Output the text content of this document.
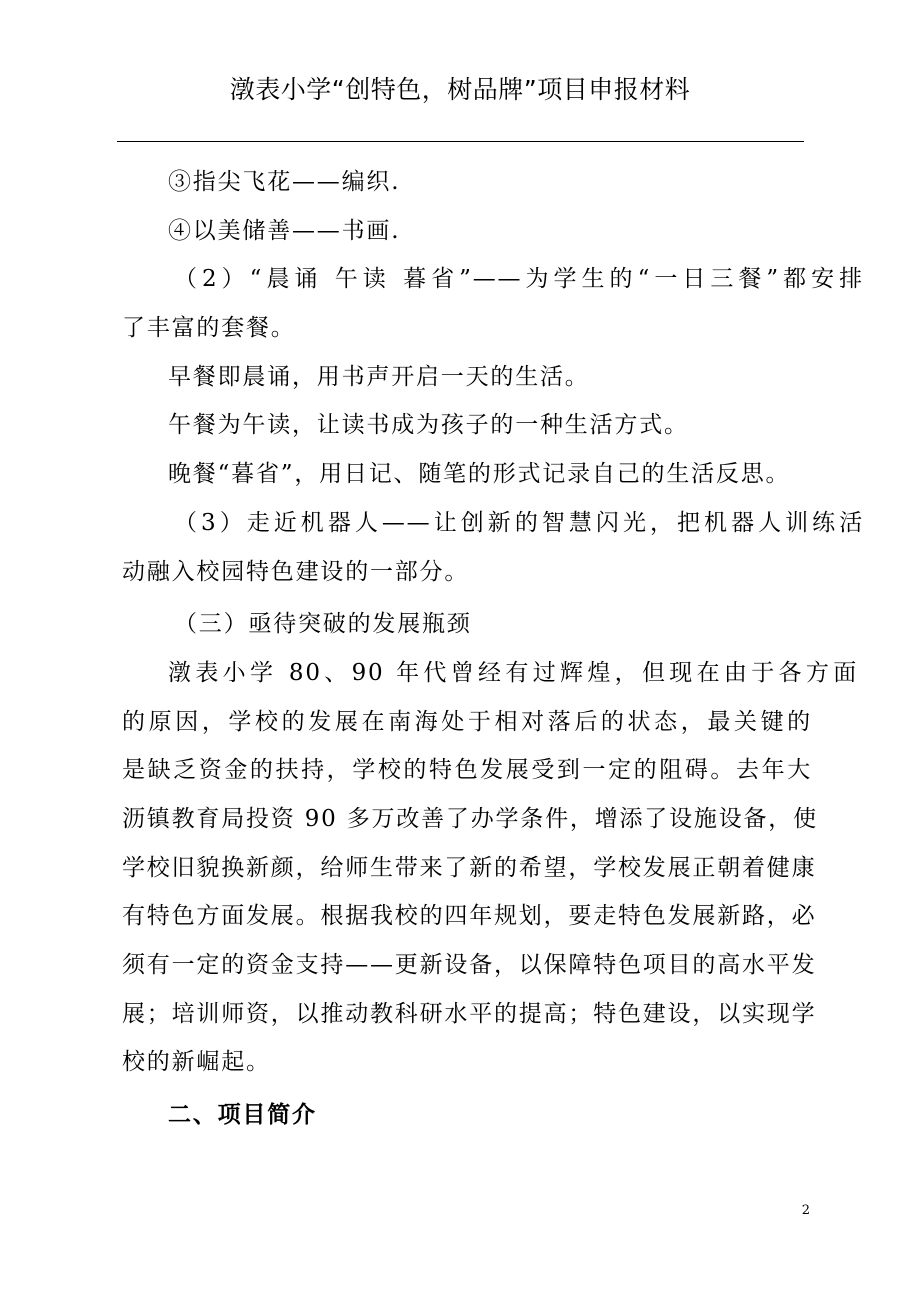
潡表小学“创特色，树品牌”项目申报材料
③指尖飞花——编织.
④以美储善——书画.
（2）“晨诵 午读 暮省”——为学生的“一日三餐”都安排
了丰富的套餐。
早餐即晨诵，用书声开启一天的生活。
午餐为午读，让读书成为孩子的一种生活方式。
晚餐“暮省”，用日记、随笔的形式记录自己的生活反思。
（3）走近机器人——让创新的智慧闪光，把机器人训练活
动融入校园特色建设的一部分。
（三）亟待突破的发展瓶颈
潡表小学 80、90 年代曾经有过辉煌，但现在由于各方面
的原因，学校的发展在南海处于相对落后的状态，最关键的
是缺乏资金的扶持，学校的特色发展受到一定的阻碍。去年大
沥镇教育局投资 90 多万改善了办学条件，增添了设施设备，使
学校旧貌换新颜，给师生带来了新的希望，学校发展正朝着健康
有特色方面发展。根据我校的四年规划，要走特色发展新路，必
须有一定的资金支持——更新设备，以保障特色项目的高水平发
展；培训师资，以推动教科研水平的提高；特色建设，以实现学
校的新崛起。
二、项目简介
2
